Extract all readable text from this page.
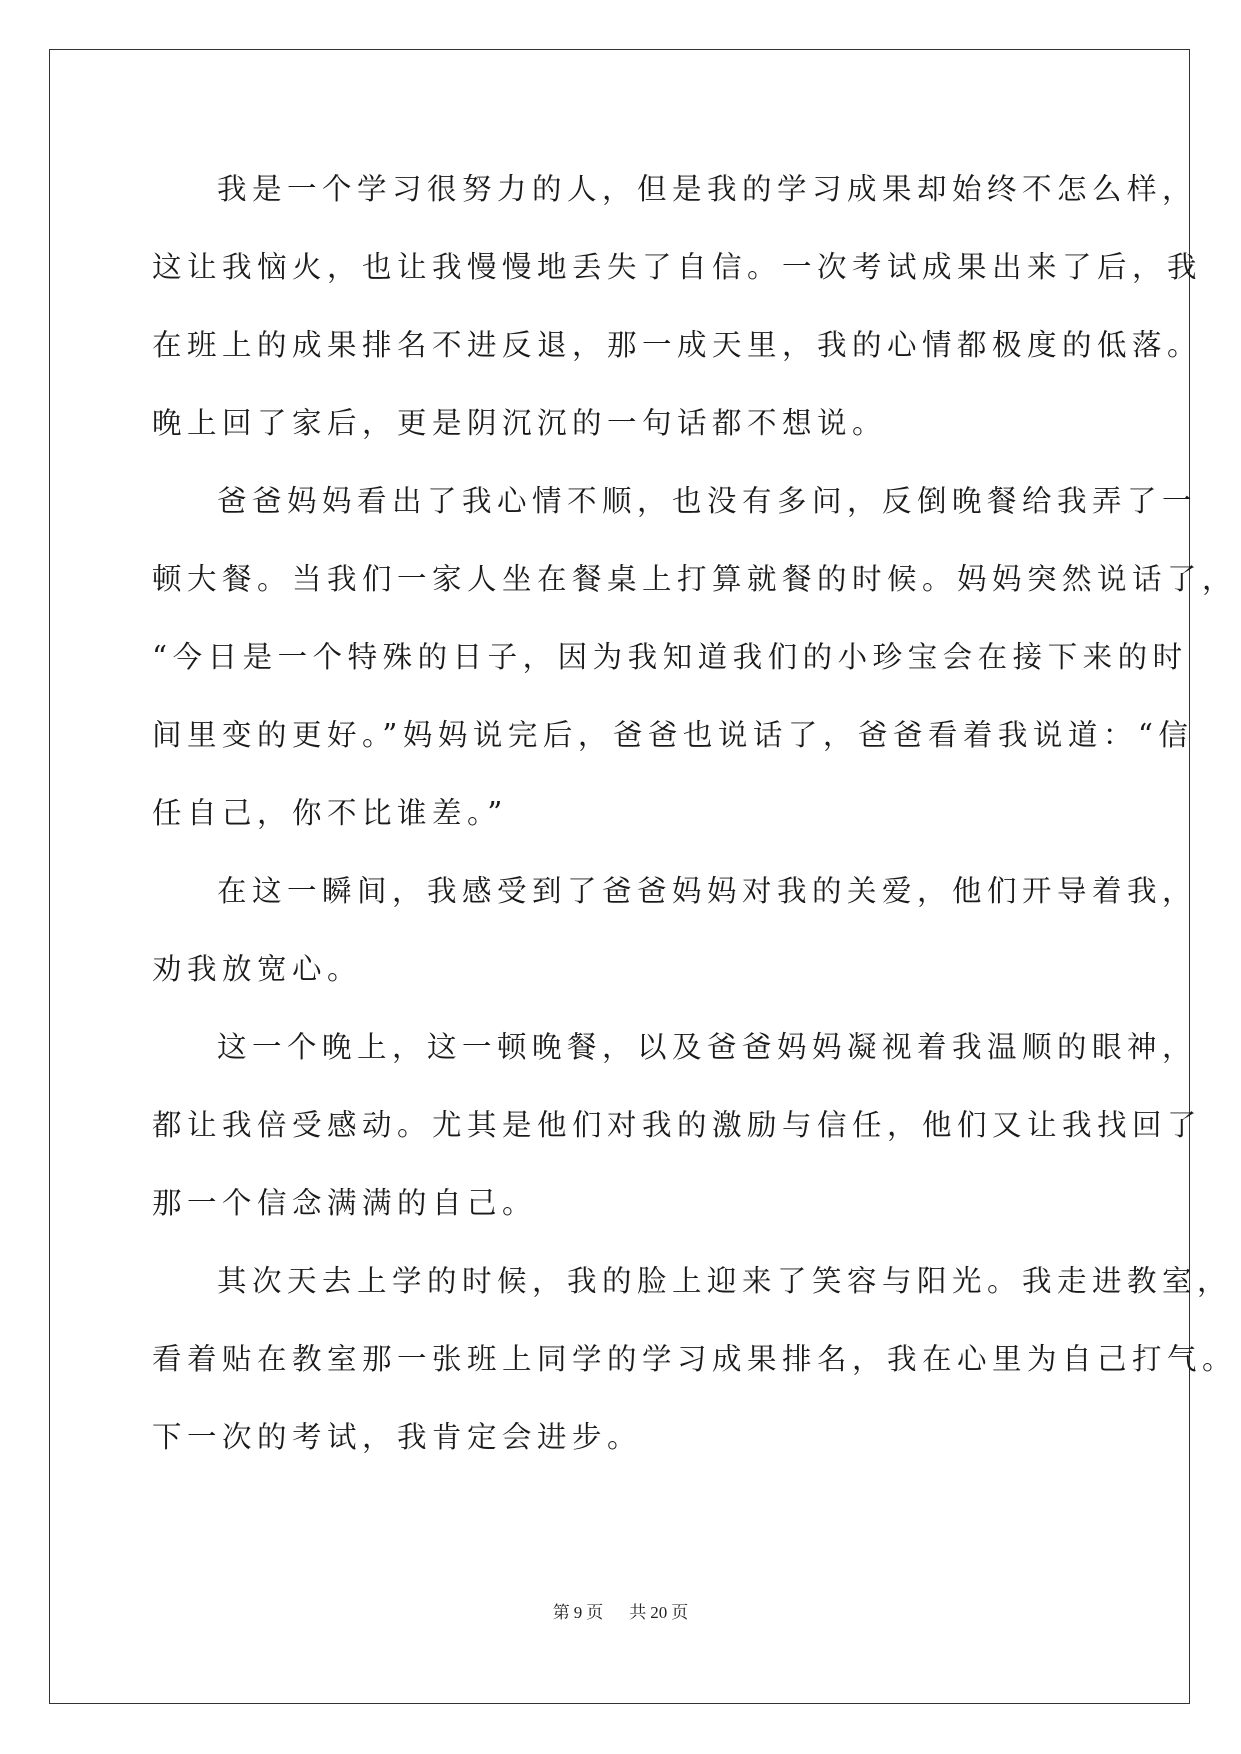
我是一个学习很努力的人，但是我的学习成果却始终不怎么样，
这让我恼火，也让我慢慢地丢失了自信。一次考试成果出来了后，我
在班上的成果排名不进反退，那一成天里，我的心情都极度的低落。
晚上回了家后，更是阴沉沉的一句话都不想说。
爸爸妈妈看出了我心情不顺，也没有多问，反倒晚餐给我弄了一
顿大餐。当我们一家人坐在餐桌上打算就餐的时候。妈妈突然说话了，
“今日是一个特殊的日子，因为我知道我们的小珍宝会在接下来的时
间里变的更好。”妈妈说完后，爸爸也说话了，爸爸看着我说道：“信
任自己，你不比谁差。”
在这一瞬间，我感受到了爸爸妈妈对我的关爱，他们开导着我，
劝我放宽心。
这一个晚上，这一顿晚餐，以及爸爸妈妈凝视着我温顺的眼神，
都让我倍受感动。尤其是他们对我的激励与信任，他们又让我找回了
那一个信念满满的自己。
其次天去上学的时候，我的脸上迎来了笑容与阳光。我走进教室，
看着贴在教室那一张班上同学的学习成果排名，我在心里为自己打气。
下一次的考试，我肯定会进步。
第 9 页 共 20 页
